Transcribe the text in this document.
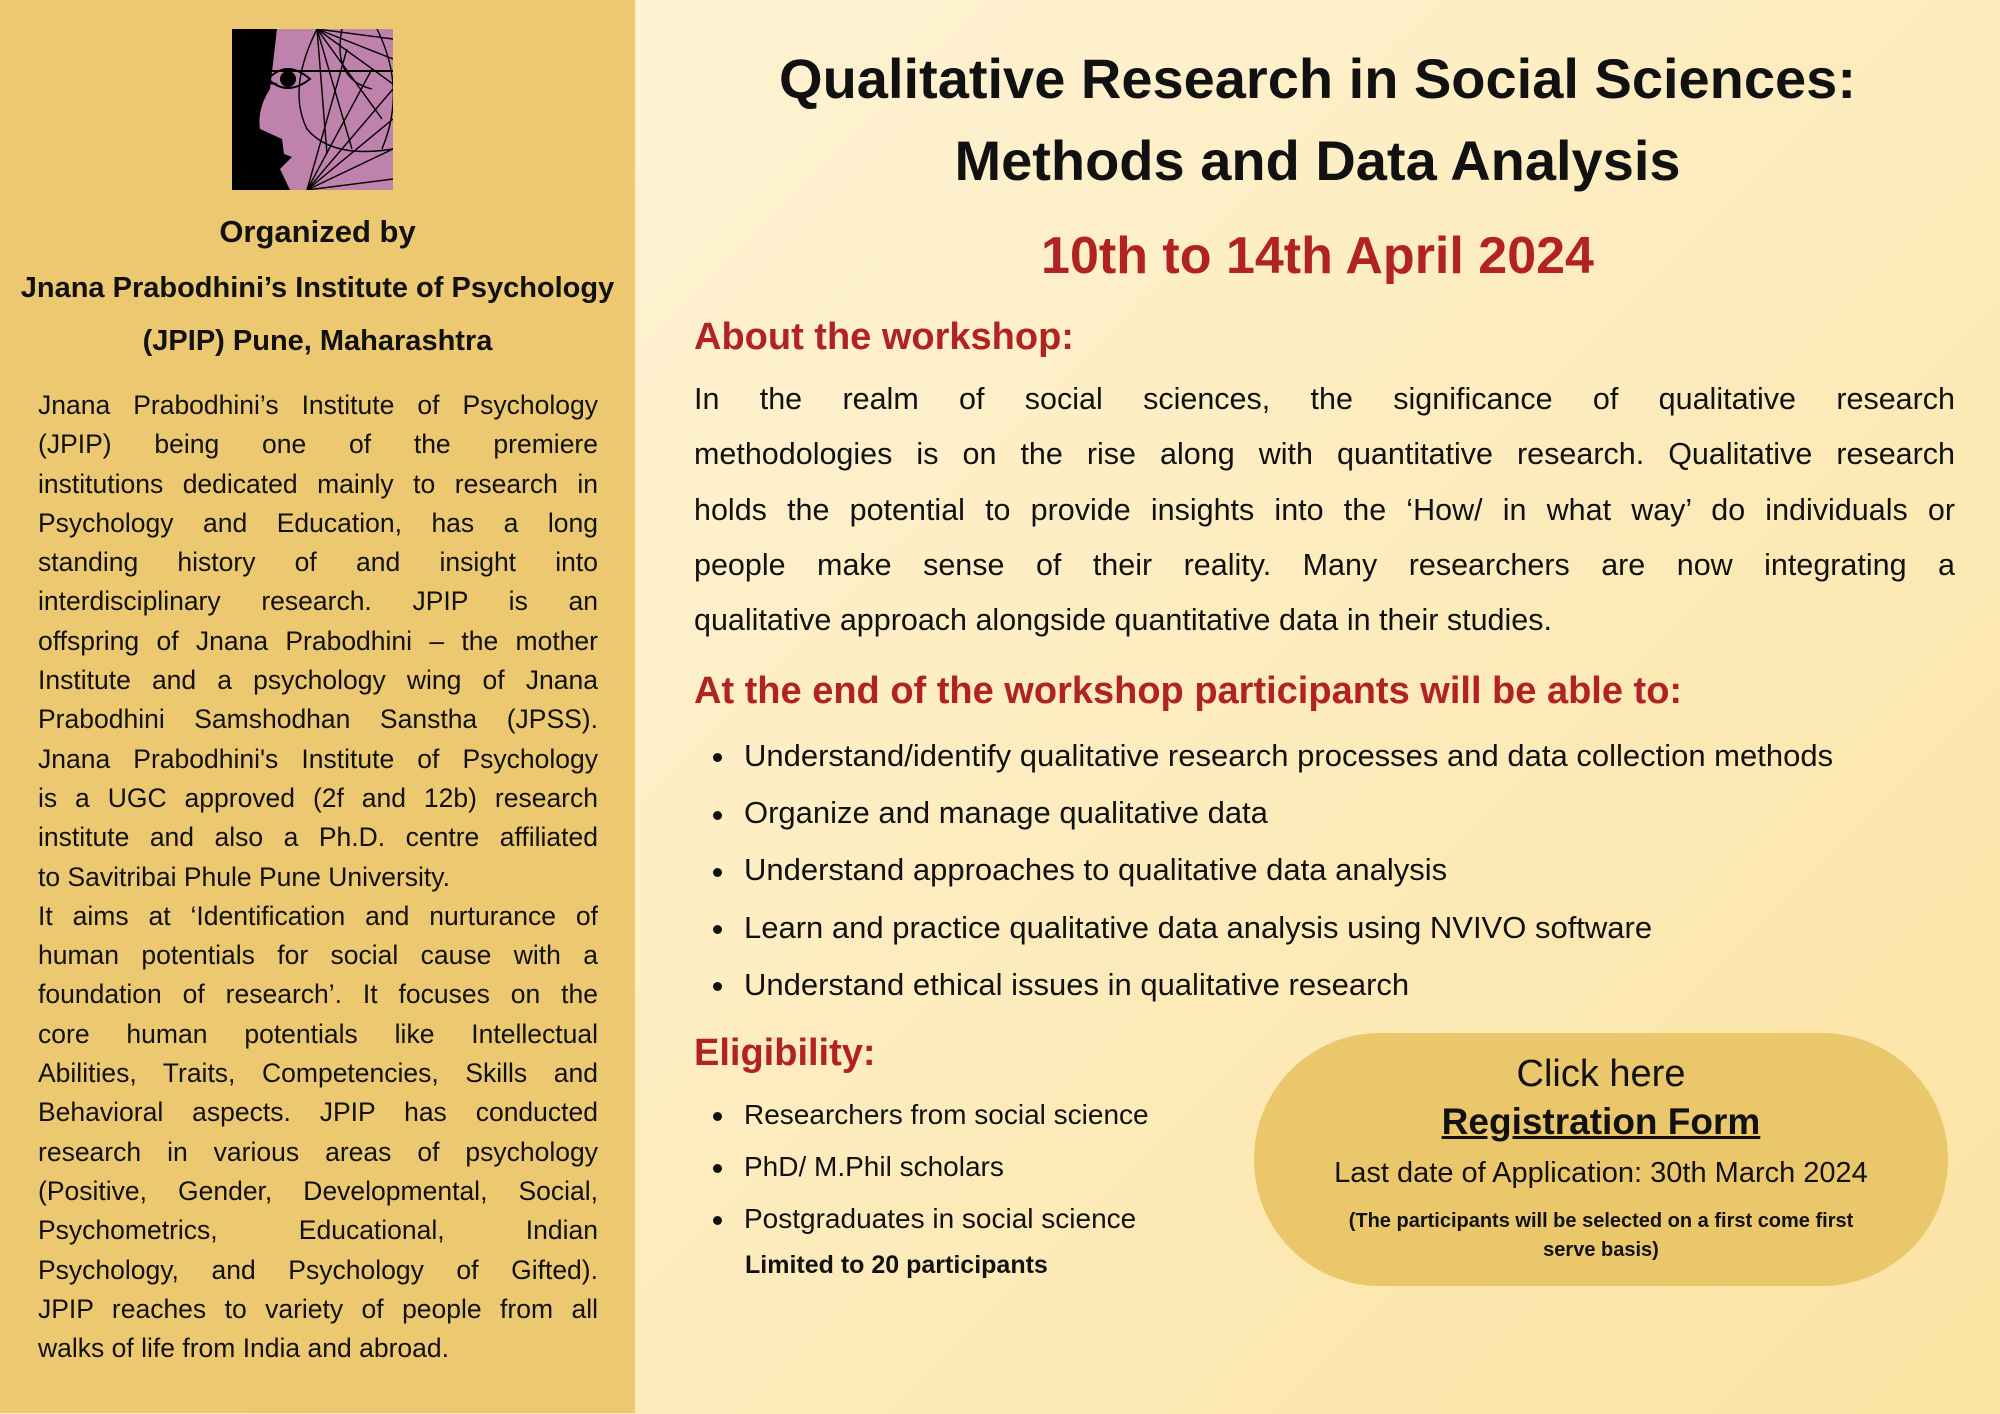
Organized by
Jnana Prabodhini’s Institute of Psychology
(JPIP) Pune, Maharashtra
Jnana Prabodhini’s Institute of Psychology
(JPIP) being one of the premiere
institutions dedicated mainly to research in
Psychology and Education, has a long
standing history of and insight into
interdisciplinary research. JPIP is an
offspring of Jnana Prabodhini – the mother
Institute and a psychology wing of Jnana
Prabodhini Samshodhan Sanstha (JPSS).
Jnana Prabodhini's Institute of Psychology
is a UGC approved (2f and 12b) research
institute and also a Ph.D. centre affiliated
to Savitribai Phule Pune University.
It aims at ‘Identification and nurturance of
human potentials for social cause with a
foundation of research’. It focuses on the
core human potentials like Intellectual
Abilities, Traits, Competencies, Skills and
Behavioral aspects. JPIP has conducted
research in various areas of psychology
(Positive, Gender, Developmental, Social,
Psychometrics, Educational, Indian
Psychology, and Psychology of Gifted).
JPIP reaches to variety of people from all
walks of life from India and abroad.
Qualitative Research in Social Sciences:
Methods and Data Analysis
10th to 14th April 2024
About the workshop:
In the realm of social sciences, the significance of qualitative research
methodologies is on the rise along with quantitative research. Qualitative research
holds the potential to provide insights into the ‘How/ in what way’ do individuals or
people make sense of their reality. Many researchers are now integrating a
qualitative approach alongside quantitative data in their studies.
At the end of the workshop participants will be able to:
Understand/identify qualitative research processes and data collection methods
Organize and manage qualitative data
Understand approaches to qualitative data analysis
Learn and practice qualitative data analysis using NVIVO software
Understand ethical issues in qualitative research
Eligibility:
Researchers from social science
PhD/ M.Phil scholars
Postgraduates in social science
Limited to 20 participants
Click here
Registration Form
Last date of Application: 30th March 2024
(The participants will be selected on a first come first serve basis)
